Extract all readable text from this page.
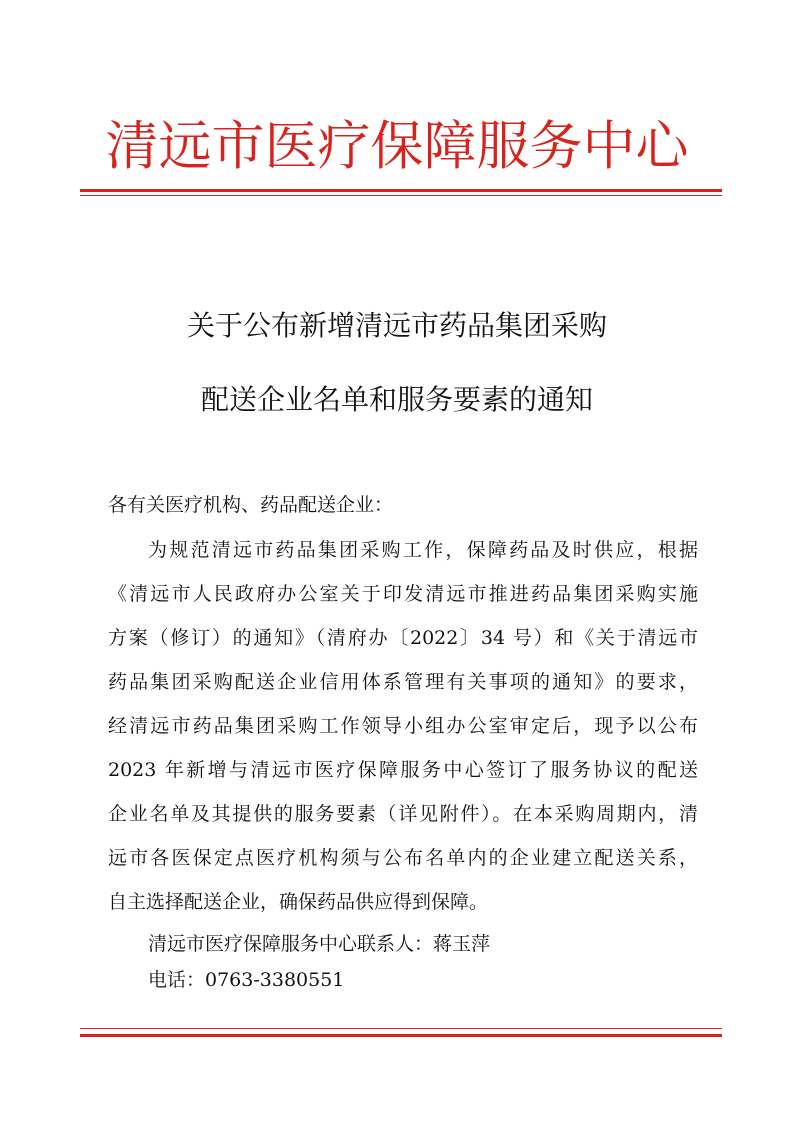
清远市医疗保障服务中心
关于公布新增清远市药品集团采购
配送企业名单和服务要素的通知
各有关医疗机构、药品配送企业：
为规范清远市药品集团采购工作，保障药品及时供应，根据
《清远市人民政府办公室关于印发清远市推进药品集团采购实施
方案（修订）的通知》（清府办〔2022〕34 号）和《关于清远市
药品集团采购配送企业信用体系管理有关事项的通知》的要求，
经清远市药品集团采购工作领导小组办公室审定后，现予以公布
2023 年新增与清远市医疗保障服务中心签订了服务协议的配送
企业名单及其提供的服务要素（详见附件）。在本采购周期内，清
远市各医保定点医疗机构须与公布名单内的企业建立配送关系，
自主选择配送企业，确保药品供应得到保障。
清远市医疗保障服务中心联系人：蒋玉萍
电话：0763-3380551
